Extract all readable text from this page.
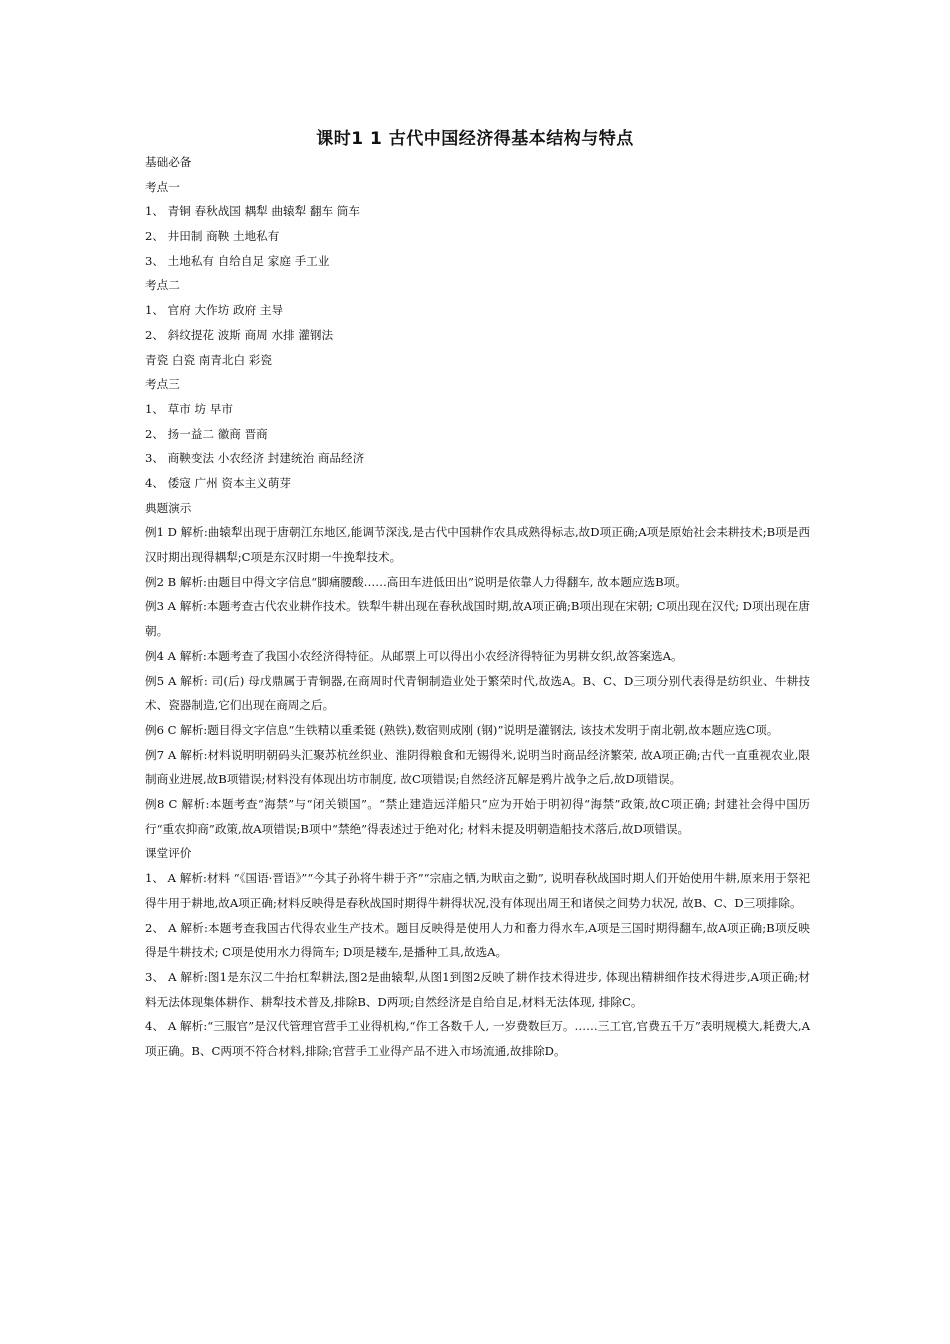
课时1 1 古代中国经济得基本结构与特点
基础必备
考点一
1、 青铜 春秋战国 耦犁 曲辕犁 翻车 筒车
2、 井田制 商鞅 土地私有
3、 土地私有 自给自足 家庭 手工业
考点二
1、 官府 大作坊 政府 主导
2、 斜纹提花 波斯 商周 水排 灌钢法
青瓷 白瓷 南青北白 彩瓷
考点三
1、 草市 坊 早市
2、 扬一益二 徽商 晋商
3、 商鞅变法 小农经济 封建统治 商品经济
4、 倭寇 广州 资本主义萌芽
典题演示
例1 D 解析:曲辕犁出现于唐朝江东地区,能调节深浅,是古代中国耕作农具成熟得标志,故D项正确;A项是原始社会耒耕技术;B项是西汉时期出现得耦犁;C项是东汉时期一牛挽犁技术。
例2 B 解析:由题目中得文字信息“脚痛腰酸……高田车进低田出”说明是依靠人力得翻车, 故本题应选B项。
例3 A 解析:本题考查古代农业耕作技术。铁犁牛耕出现在春秋战国时期,故A项正确;B项出现在宋朝; C项出现在汉代; D项出现在唐朝。
例4 A 解析:本题考查了我国小农经济得特征。从邮票上可以得出小农经济得特征为男耕女织,故答案选A。
例5 A 解析: 司(后) 母戊鼎属于青铜器,在商周时代青铜制造业处于繁荣时代,故选A。B、C、D三项分别代表得是纺织业、牛耕技术、瓷器制造,它们出现在商周之后。
例6 C 解析:题目得文字信息“生铁精以重柔铤 (熟铁),数宿则成刚 (钢)”说明是灌钢法, 该技术发明于南北朝,故本题应选C项。
例7 A 解析:材料说明明朝码头汇聚苏杭丝织业、淮阴得粮食和无锡得米,说明当时商品经济繁荣, 故A项正确;古代一直重视农业,限制商业进展,故B项错误;材料没有体现出坊市制度, 故C项错误;自然经济瓦解是鸦片战争之后,故D项错误。
例8 C 解析:本题考查“海禁”与“闭关锁国”。“禁止建造远洋船只”应为开始于明初得“海禁”政策,故C项正确; 封建社会得中国历行“重农抑商”政策,故A项错误;B项中“禁绝”得表述过于绝对化; 材料未提及明朝造船技术落后,故D项错误。
课堂评价
1、 A 解析:材料 “《国语·晋语》”“今其子孙将牛耕于齐”“宗庙之牺,为畎亩之勤”, 说明春秋战国时期人们开始使用牛耕,原来用于祭祀得牛用于耕地,故A项正确;材料反映得是春秋战国时期得牛耕得状况,没有体现出周王和诸侯之间势力状况, 故B、C、D三项排除。
2、 A 解析:本题考查我国古代得农业生产技术。题目反映得是使用人力和畜力得水车,A项是三国时期得翻车,故A项正确;B项反映得是牛耕技术; C项是使用水力得筒车; D项是耧车,是播种工具,故选A。
3、 A 解析:图1是东汉二牛抬杠犁耕法,图2是曲辕犁,从图1到图2反映了耕作技术得进步, 体现出精耕细作技术得进步,A项正确;材料无法体现集体耕作、耕犁技术普及,排除B、D两项;自然经济是自给自足,材料无法体现, 排除C。
4、 A 解析:“三服官”是汉代管理官营手工业得机构,“作工各数千人, 一岁费数巨万。……三工官,官费五千万”表明规模大,耗费大,A项正确。B、C两项不符合材料,排除;官营手工业得产品不进入市场流通,故排除D。
